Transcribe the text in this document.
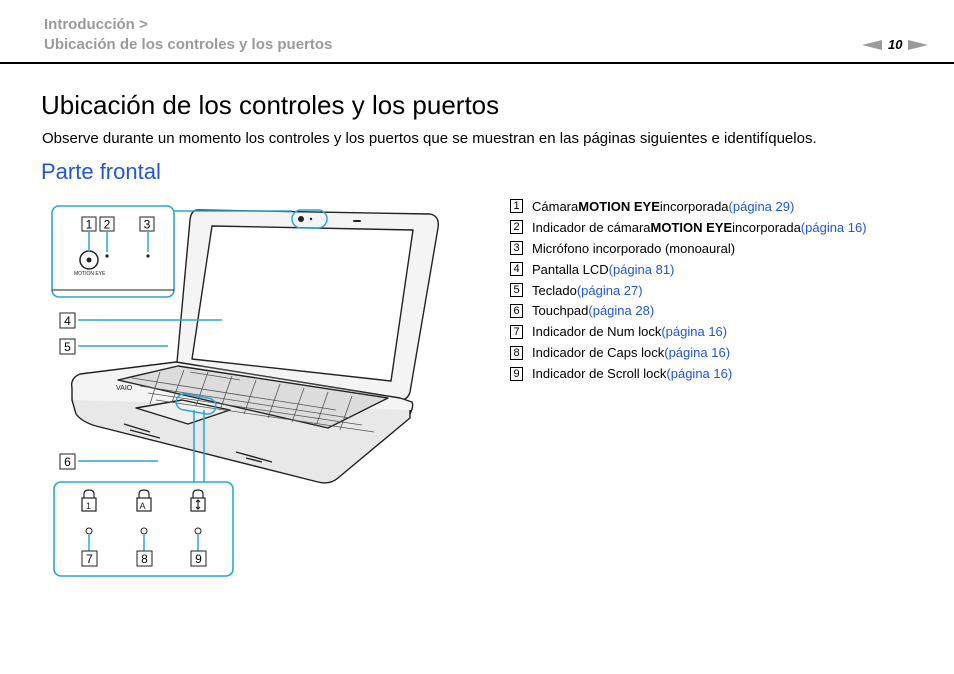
Introducción >
Ubicación de los controles y los puertos	10
Ubicación de los controles y los puertos

Observe durante un momento los controles y los puertos que se muestran en las páginas siguientes e identifíquelos.

Parte frontal
1 Cámara MOTION EYE incorporada (página 29)
2 Indicador de cámara MOTION EYE incorporada (página 16)
3 Micrófono incorporado (monoaural)
4 Pantalla LCD (página 81)
5 Teclado (página 27)
6 Touchpad (página 28)
7 Indicador de Num lock (página 16)
8 Indicador de Caps lock (página 16)
9 Indicador de Scroll lock (página 16)
VAIO
MOTION EYE
1	A
1 2	3
4
5
6
7	8	9
